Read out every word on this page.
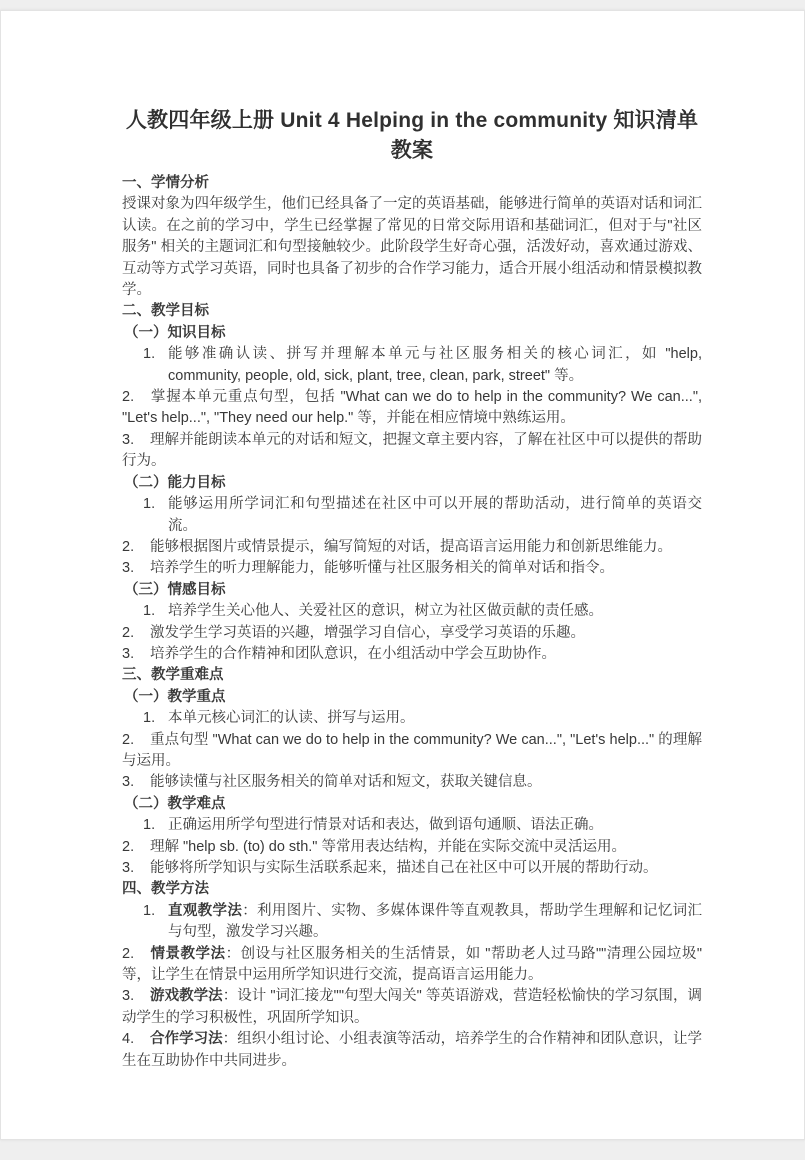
人教四年级上册 Unit 4 Helping in the community 知识清单教案

一、学情分析

授课对象为四年级学生，他们已经具备了一定的英语基础，能够进行简单的英语对话和词汇认读。在之前的学习中，学生已经掌握了常见的日常交际用语和基础词汇，但对于与"社区服务" 相关的主题词汇和句型接触较少。此阶段学生好奇心强，活泼好动，喜欢通过游戏、互动等方式学习英语，同时也具备了初步的合作学习能力，适合开展小组活动和情景模拟教学。

二、教学目标

（一）知识目标

1. 能够准确认读、拼写并理解本单元与社区服务相关的核心词汇，如 "help, community, people, old, sick, plant, tree, clean, park, street" 等。

2. 掌握本单元重点句型，包括 "What can we do to help in the community? We can...", "Let's help...", "They need our help." 等，并能在相应情境中熟练运用。

3. 理解并能朗读本单元的对话和短文，把握文章主要内容，了解在社区中可以提供的帮助行为。

（二）能力目标

1. 能够运用所学词汇和句型描述在社区中可以开展的帮助活动，进行简单的英语交流。

2. 能够根据图片或情景提示，编写简短的对话，提高语言运用能力和创新思维能力。

3. 培养学生的听力理解能力，能够听懂与社区服务相关的简单对话和指令。

（三）情感目标

1. 培养学生关心他人、关爱社区的意识，树立为社区做贡献的责任感。

2. 激发学生学习英语的兴趣，增强学习自信心，享受学习英语的乐趣。

3. 培养学生的合作精神和团队意识，在小组活动中学会互助协作。

三、教学重难点

（一）教学重点

1. 本单元核心词汇的认读、拼写与运用。

2. 重点句型 "What can we do to help in the community? We can...", "Let's help..." 的理解与运用。

3. 能够读懂与社区服务相关的简单对话和短文，获取关键信息。

（二）教学难点

1. 正确运用所学句型进行情景对话和表达，做到语句通顺、语法正确。

2. 理解 "help sb. (to) do sth." 等常用表达结构，并能在实际交流中灵活运用。

3. 能够将所学知识与实际生活联系起来，描述自己在社区中可以开展的帮助行动。

四、教学方法

1. 直观教学法：利用图片、实物、多媒体课件等直观教具，帮助学生理解和记忆词汇与句型，激发学习兴趣。

2. 情景教学法：创设与社区服务相关的生活情景，如 "帮助老人过马路""清理公园垃圾" 等，让学生在情景中运用所学知识进行交流，提高语言运用能力。

3. 游戏教学法：设计 "词汇接龙""句型大闯关" 等英语游戏，营造轻松愉快的学习氛围，调动学生的学习积极性，巩固所学知识。

4. 合作学习法：组织小组讨论、小组表演等活动，培养学生的合作精神和团队意识，让学生在互助协作中共同进步。
